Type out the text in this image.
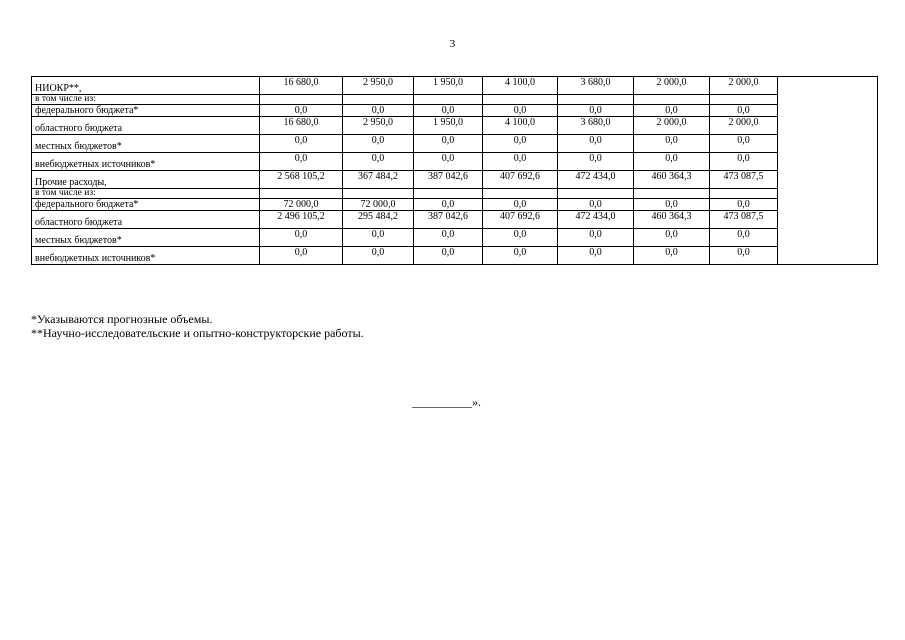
3
НИОКР**,	16 680,0	2 950,0	1 950,0	4 100,0	3 680,0	2 000,0	2 000,0	
в том числе из:								
федерального бюджета*	0,0	0,0	0,0	0,0	0,0	0,0	0,0	
областного бюджета	16 680,0	2 950,0	1 950,0	4 100,0	3 680,0	2 000,0	2 000,0	
местных бюджетов*	0,0	0,0	0,0	0,0	0,0	0,0	0,0	
внебюджетных источников*	0,0	0,0	0,0	0,0	0,0	0,0	0,0	
Прочие расходы,	2 568 105,2	367 484,2	387 042,6	407 692,6	472 434,0	460 364,3	473 087,5	
в том числе из:								
федерального бюджета*	72 000,0	72 000,0	0,0	0,0	0,0	0,0	0,0	
областного бюджета	2 496 105,2	295 484,2	387 042,6	407 692,6	472 434,0	460 364,3	473 087,5	
местных бюджетов*	0,0	0,0	0,0	0,0	0,0	0,0	0,0	
внебюджетных источников*	0,0	0,0	0,0	0,0	0,0	0,0	0,0	
*Указываются прогнозные объемы.
**Научно-исследовательские и опытно-конструкторские работы.
__________».
